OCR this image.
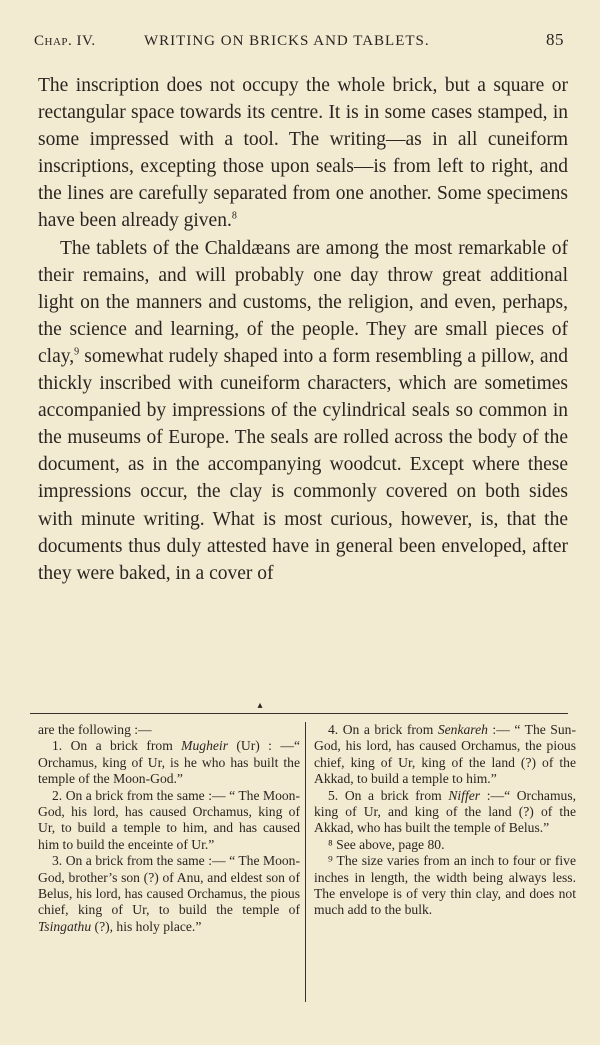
Chap. IV.	WRITING ON BRICKS AND TABLETS.	85

The inscription does not occupy the whole brick, but a square or rectangular space towards its centre. It is in some cases stamped, in some impressed with a tool. The writing—as in all cuneiform inscriptions, excepting those upon seals—is from left to right, and the lines are carefully separated from one another. Some specimens have been already given.$^8$

The tablets of the Chaldæans are among the most remarkable of their remains, and will probably one day throw great additional light on the manners and customs, the religion, and even, perhaps, the science and learning, of the people. They are small pieces of clay,$^9$ somewhat rudely shaped into a form resembling a pillow, and thickly inscribed with cuneiform characters, which are sometimes accompanied by impressions of the cylindrical seals so common in the museums of Europe. The seals are rolled across the body of the document, as in the accompanying woodcut. Except where these impressions occur, the clay is commonly covered on both sides with minute writing. What is most curious, however, is, that the documents thus duly attested have in general been enveloped, after they were baked, in a cover of

▴

are the following :—

1. On a brick from Mugheir (Ur) : —“ Orchamus, king of Ur, is he who has built the temple of the Moon-God.”

2. On a brick from the same :— “ The Moon-God, his lord, has caused Orchamus, king of Ur, to build a temple to him, and has caused him to build the enceinte of Ur.”

3. On a brick from the same :— “ The Moon-God, brother’s son (?) of Anu, and eldest son of Belus, his lord, has caused Orchamus, the pious chief, king of Ur, to build the temple of Tsingathu (?), his holy place.”

4. On a brick from Senkareh :— “ The Sun-God, his lord, has caused Orchamus, the pious chief, king of Ur, king of the land (?) of the Akkad, to build a temple to him.”

5. On a brick from Niffer :—“ Orchamus, king of Ur, and king of the land (?) of the Akkad, who has built the temple of Belus.”

⁸ See above, page 80.

⁹ The size varies from an inch to four or five inches in length, the width being always less. The envelope is of very thin clay, and does not much add to the bulk.
